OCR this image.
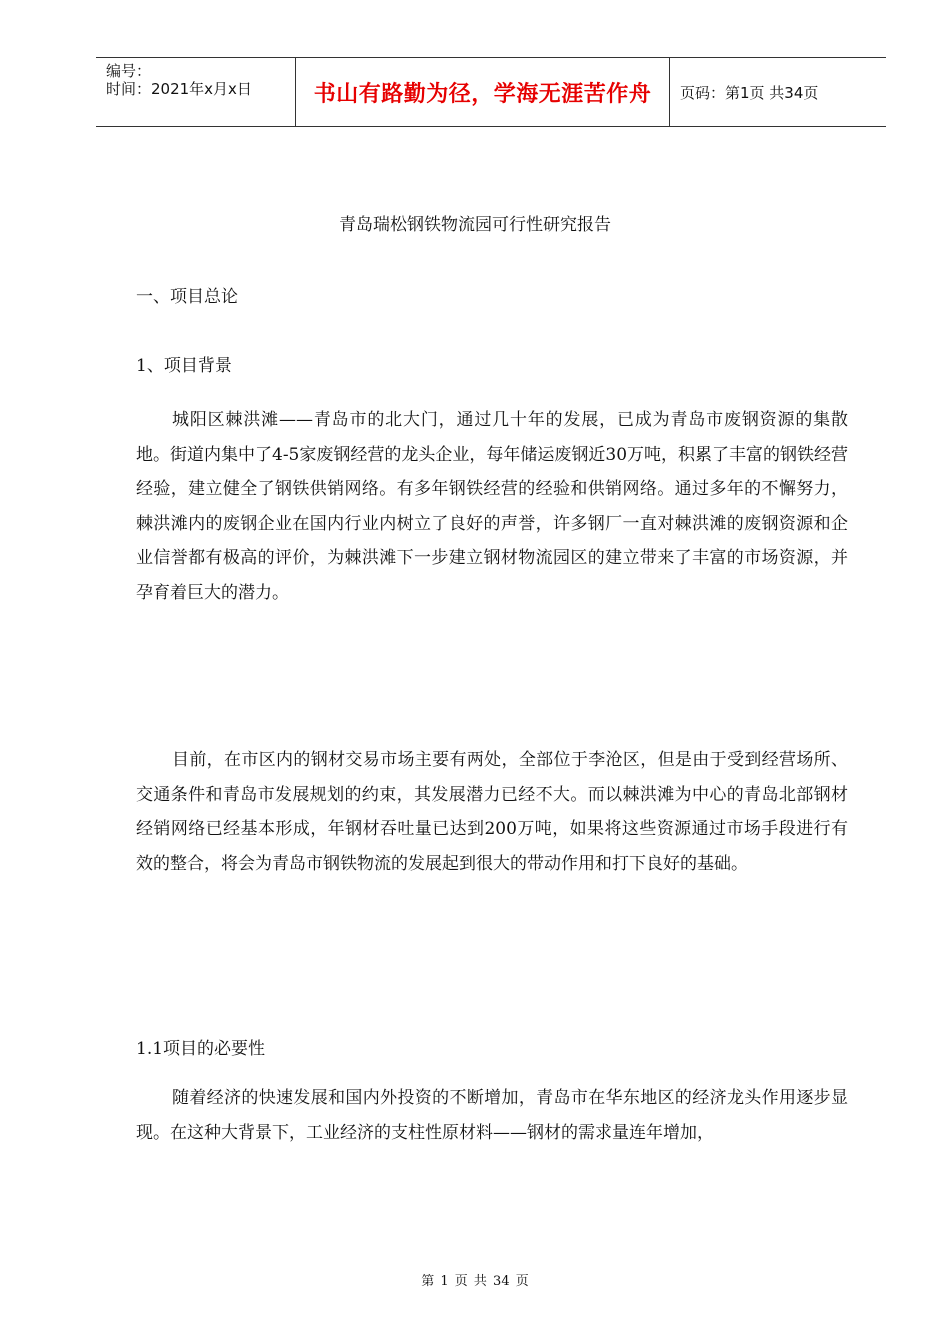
编号：
时间：2021年x月x日	书山有路勤为径，学海无涯苦作舟 页码：第1页 共34页
青岛瑞松钢铁物流园可行性研究报告
一、项目总论
1、项目背景

城阳区棘洪滩——青岛市的北大门，通过几十年的发展，已成为青岛市废钢资源的集散地。街道内集中了4-5家废钢经营的龙头企业，每年储运废钢近30万吨，积累了丰富的钢铁经营经验，建立健全了钢铁供销网络。有多年钢铁经营的经验和供销网络。通过多年的不懈努力，棘洪滩内的废钢企业在国内行业内树立了良好的声誉，许多钢厂一直对棘洪滩的废钢资源和企业信誉都有极高的评价，为棘洪滩下一步建立钢材物流园区的建立带来了丰富的市场资源，并孕育着巨大的潜力。

目前，在市区内的钢材交易市场主要有两处，全部位于李沧区，但是由于受到经营场所、交通条件和青岛市发展规划的约束，其发展潜力已经不大。而以棘洪滩为中心的青岛北部钢材经销网络已经基本形成，年钢材吞吐量已达到200万吨，如果将这些资源通过市场手段进行有效的整合，将会为青岛市钢铁物流的发展起到很大的带动作用和打下良好的基础。

1.1项目的必要性

随着经济的快速发展和国内外投资的不断增加，青岛市在华东地区的经济龙头作用逐步显现。在这种大背景下，工业经济的支柱性原材料——钢材的需求量连年增加，

第 1 页 共 34 页
